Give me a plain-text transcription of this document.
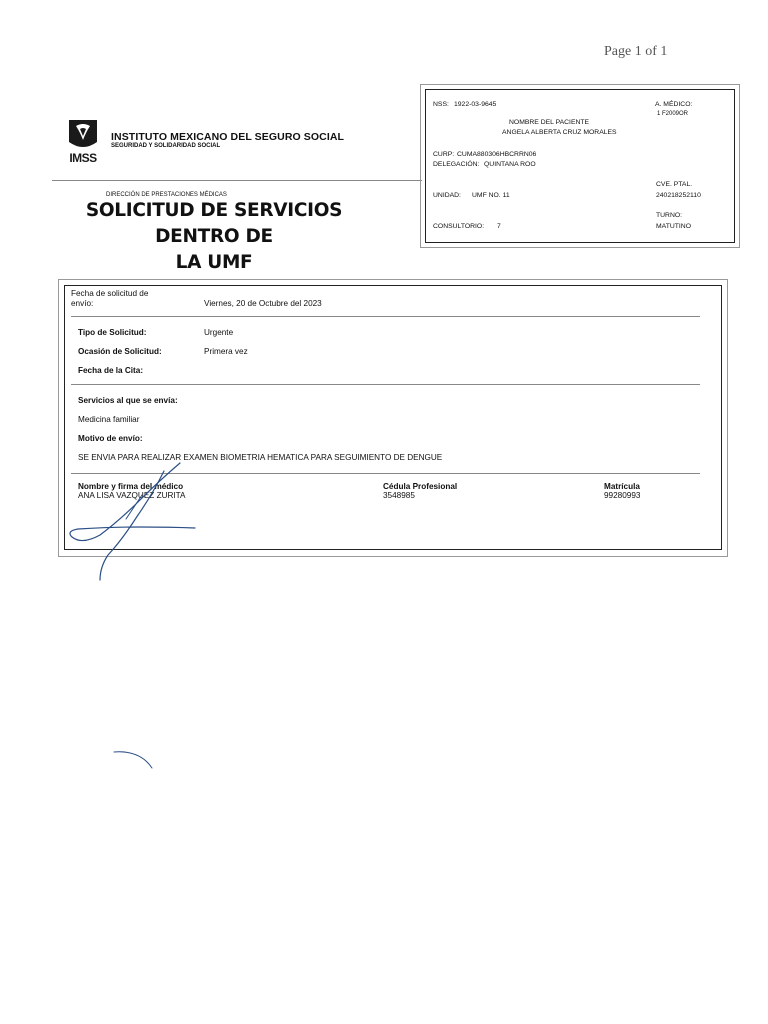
Page 1 of 1
IMSS
INSTITUTO MEXICANO DEL SEGURO SOCIAL
SEGURIDAD Y SOLIDARIDAD SOCIAL
DIRECCIÓN DE PRESTACIONES MÉDICAS
SOLICITUD DE SERVICIOS DENTRO DE
LA UMF
NSS: 1922-03-9645	A. MÉDICO:
1 F2009OR
NOMBRE DEL PACIENTE
ANGELA ALBERTA CRUZ MORALES
CURP: CUMA880306HBCRRN06
DELEGACIÓN: QUINTANA ROO
CVE. PTAL.
240218252110
UNIDAD: UMF NO. 11
TURNO:
MATUTINO
CONSULTORIO: 7
Fecha de solicitud de
envío:	Viernes, 20 de Octubre del 2023
Tipo de Solicitud:	Urgente
Ocasión de Solicitud:	Primera vez
Fecha de la Cita:
Servicios al que se envía:
Medicina familiar
Motivo de envío:
SE ENVIA PARA REALIZAR EXAMEN BIOMETRIA HEMATICA PARA SEGUIMIENTO DE DENGUE
Nombre y firma del médico
ANA LISA VAZQUEZ ZURITA
Cédula Profesional
3548985
Matrícula
99280993
